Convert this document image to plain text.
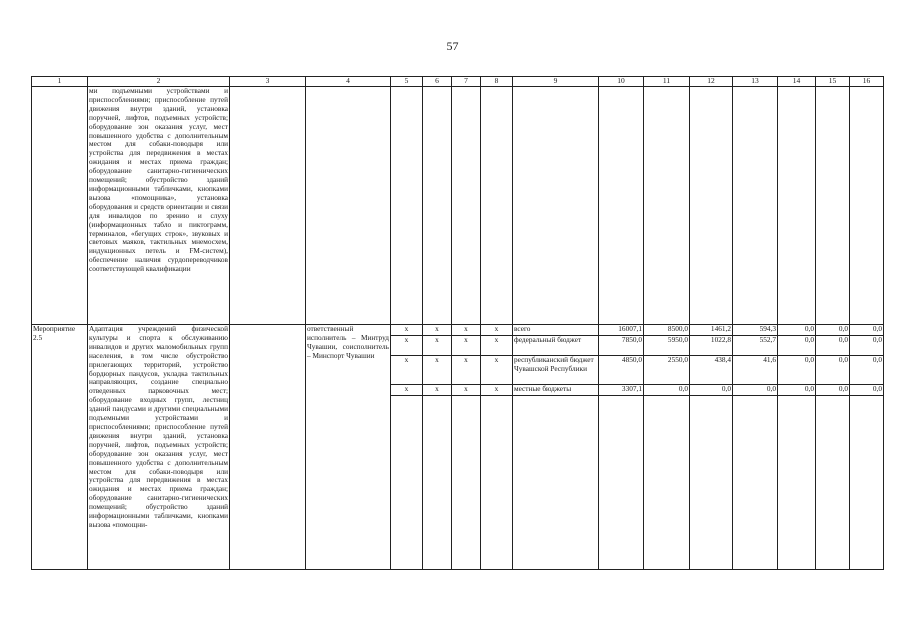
57
1	2	3	4	5	6	7	8	9	10	11	12	13	14	15	16
	ми подъемными устройствами и приспособлениями; приспособление путей движения внутри зданий, установка поручней, лифтов, подъемных устройств; оборудование зон оказания услуг, мест повышенного удобства с дополнительным местом для собаки-поводыря или устройства для передвижения в местах ожидания и местах приема граждан; оборудование санитарно-гигиенических помещений; обустройство зданий информационными табличками, кнопками вызова «помощника», установка оборудования и средств ориентации и связи для инвалидов по зрению и слуху (информационных табло и пиктограмм, терминалов, «бегущих строк», звуковых и световых маяков, тактильных мнемосхем, индукционных петель и FM-систем), обеспечение наличия сурдопереводчиков соответствующей квалификации														
Мероприятие 2.5	Адаптация учреждений физической культуры и спорта к обслуживанию инвалидов и других маломобильных групп населения, в том числе обустройство прилегающих территорий, устройство бордюрных пандусов, укладка тактильных направляющих, создание специально отведенных парковочных мест; оборудование входных групп, лестниц зданий пандусами и другими специальными подъемными устройствами и приспособлениями; приспособление путей движения внутри зданий, установка поручней, лифтов, подъемных устройств; оборудование зон оказания услуг, мест повышенного удобства с дополнительным местом для собаки-поводыря или устройства для передвижения в местах ожидания и местах приема граждан; оборудование санитарно-гигиенических помещений; обустройство зданий информационными табличками, кнопками вызова «помощни-		ответственный исполнитель – Минтруд Чувашии, соисполнитель – Минспорт Чувашии	x	x	x	x	всего	16007,1	8500,0	1461,2	594,3	0,0	0,0	0,0
				x	x	x	x	федеральный бюджет	7850,0	5950,0	1022,8	552,7	0,0	0,0	0,0
				x	x	x	x	республиканский бюджет Чувашской Республики	4850,0	2550,0	438,4	41,6	0,0	0,0	0,0
				x	x	x	x	местные бюджеты	3307,1	0,0	0,0	0,0	0,0	0,0	0,0
